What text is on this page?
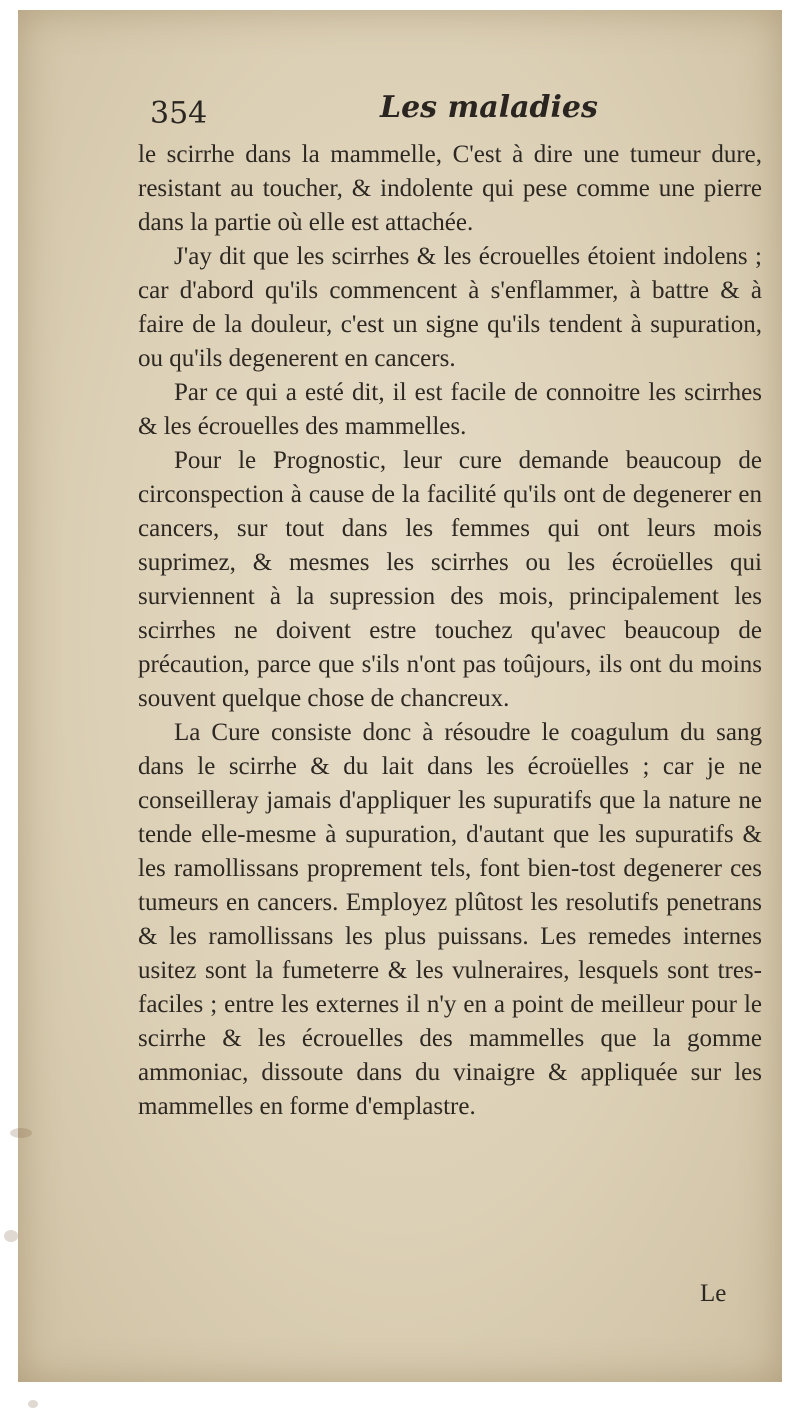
354	Les maladies

le scirrhe dans la mammelle, C'est à dire une tumeur dure, resistant au toucher, & indolente qui pese comme une pierre dans la partie où elle est attachée.

J'ay dit que les scirrhes & les écrouelles étoient indolens ; car d'abord qu'ils commencent à s'enflammer, à battre & à faire de la douleur, c'est un signe qu'ils tendent à supuration, ou qu'ils degenerent en cancers.

Par ce qui a esté dit, il est facile de connoitre les scirrhes & les écrouelles des mammelles.

Pour le Prognostic, leur cure demande beaucoup de circonspection à cause de la facilité qu'ils ont de degenerer en cancers, sur tout dans les femmes qui ont leurs mois suprimez, & mesmes les scirrhes ou les écroüelles qui surviennent à la supression des mois, principalement les scirrhes ne doivent estre touchez qu'avec beaucoup de précaution, parce que s'ils n'ont pas toûjours, ils ont du moins souvent quelque chose de chancreux.

La Cure consiste donc à résoudre le coagulum du sang dans le scirrhe & du lait dans les écroüelles ; car je ne conseilleray jamais d'appliquer les supuratifs que la nature ne tende elle-mesme à supuration, d'autant que les supuratifs & les ramollissans proprement tels, font bien-tost degenerer ces tumeurs en cancers. Employez plûtost les resolutifs penetrans & les ramollissans les plus puissans. Les remedes internes usitez sont la fumeterre & les vulneraires, lesquels sont tres-faciles ; entre les externes il n'y en a point de meilleur pour le scirrhe & les écrouelles des mammelles que la gomme ammoniac, dissoute dans du vinaigre & appliquée sur les mammelles en forme d'emplastre.

Le
